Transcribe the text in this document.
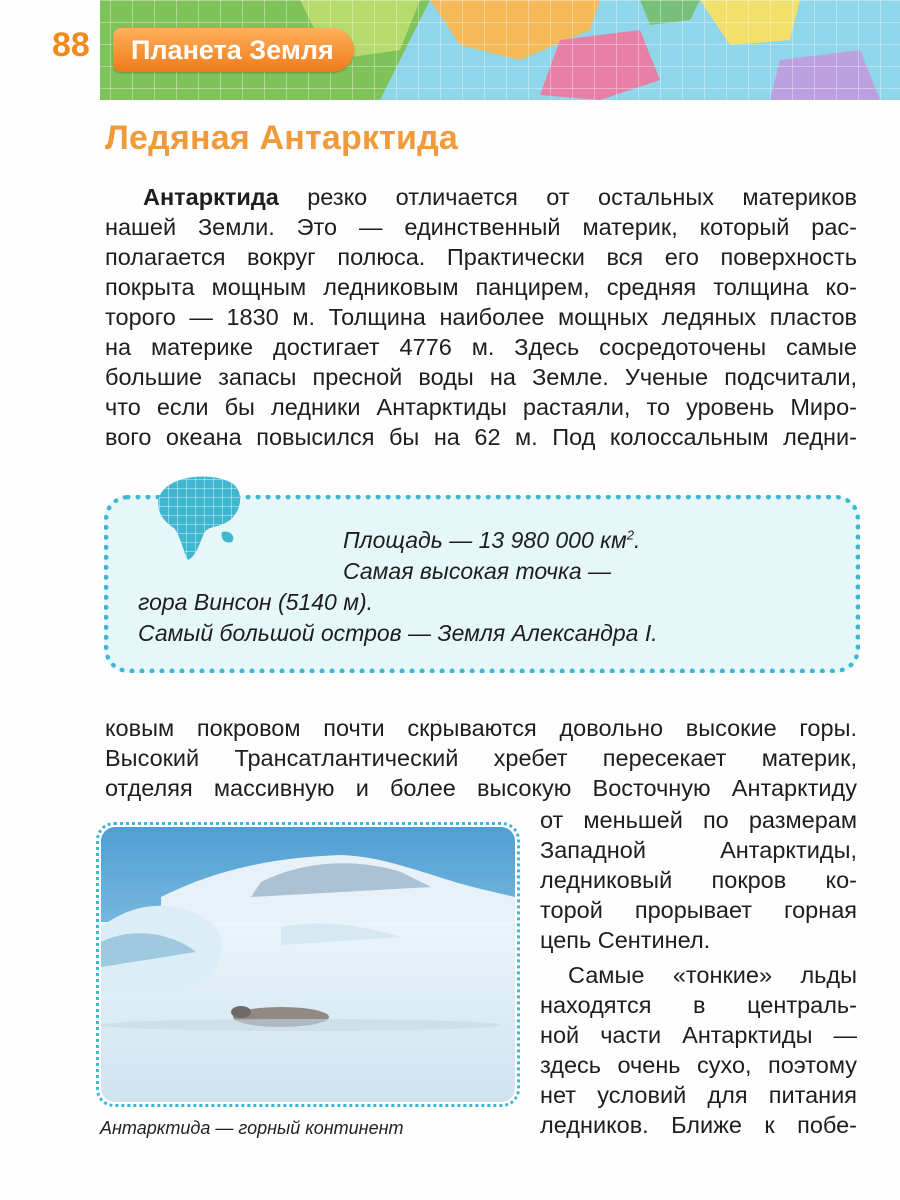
88	Планета Земля
Ледяная Антарктида
Антарктида резко отличается от остальных материков
нашей Земли. Это — единственный материк, который рас-
полагается вокруг полюса. Практически вся его поверхность
покрыта мощным ледниковым панцирем, средняя толщина ко-
торого — 1830 м. Толщина наиболее мощных ледяных пластов
на материке достигает 4776 м. Здесь сосредоточены самые
большие запасы пресной воды на Земле. Ученые подсчитали,
что если бы ледники Антарктиды растаяли, то уровень Миро-
вого океана повысился бы на 62 м. Под колоссальным ледни-
Площадь — 13 980 000 $км^2$.
Самая высокая точка —
гора Винсон (5140 м).
Самый большой остров — Земля Александра I.
ковым покровом почти скрываются довольно высокие горы.
Высокий Трансатлантический хребет пересекает материк,
отделяя массивную и более высокую Восточную Антарктиду
от меньшей по размерам
Западной Антарктиды,
ледниковый покров ко-
торой прорывает горная
цепь Сентинел.
Самые «тонкие» льды
находятся в централь-
ной части Антарктиды —
здесь очень сухо, поэтому
нет условий для питания
ледников. Ближе к побе-
Антарктида — горный континент
